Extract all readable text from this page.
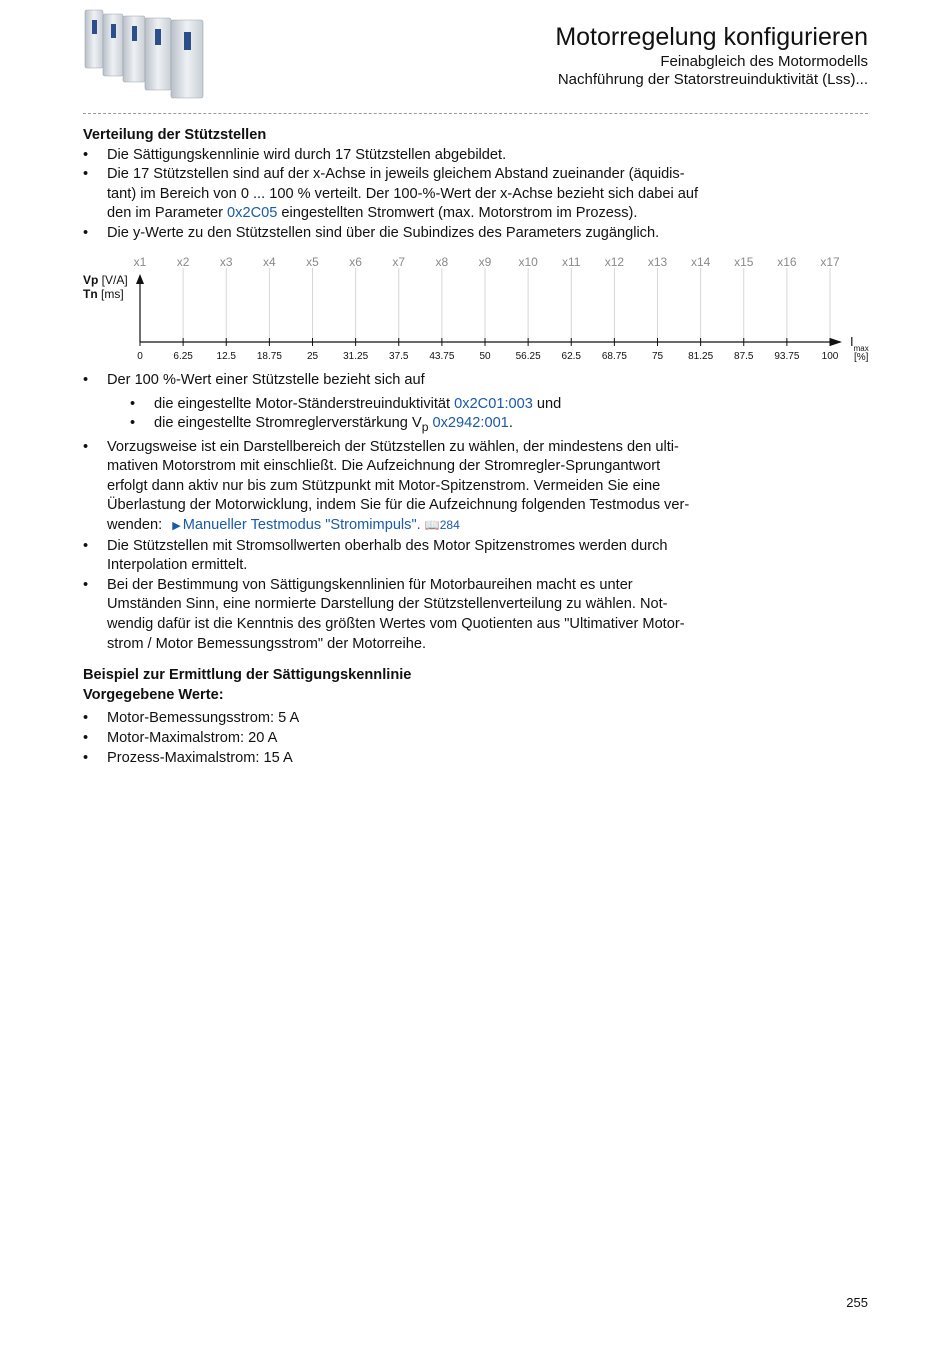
Motorregelung konfigurieren
Feinabgleich des Motormodells
Nachführung der Statorstreuinduktivität (Lss)...

Verteilung der Stützstellen

• Die Sättigungskennlinie wird durch 17 Stützstellen abgebildet.
• Die 17 Stützstellen sind auf der x-Achse in jeweils gleichem Abstand zueinander (äquidis-
tant) im Bereich von 0 ... 100 % verteilt. Der 100-%-Wert der x-Achse bezieht sich dabei auf
den im Parameter 0x2C05 eingestellten Stromwert (max. Motorstrom im Prozess).
• Die y-Werte zu den Stützstellen sind über die Subindizes des Parameters zugänglich.
Vp [V/A]
Tn [ms]
$I_{max}$
[%]
0
x1
6.25
x2
12.5
x3
18.75
x4
25
x5
31.25
x6
37.5
x7
43.75
x8
50
x9
56.25
x10
62.5
x11
68.75
x12
75
x13
81.25
x14
87.5
x15
93.75
x16
100
x17
• Der 100 %-Wert einer Stützstelle bezieht sich auf
• die eingestellte Motor-Ständerstreuinduktivität 0x2C01:003 und
• die eingestellte Stromreglerverstärkung $V_p$ 0x2942:001.
• Vorzugsweise ist ein Darstellbereich der Stützstellen zu wählen, der mindestens den ulti-
mativen Motorstrom mit einschließt. Die Aufzeichnung der Stromregler-Sprungantwort
erfolgt dann aktiv nur bis zum Stützpunkt mit Motor-Spitzenstrom. Vermeiden Sie eine
Überlastung der Motorwicklung, indem Sie für die Aufzeichnung folgenden Testmodus ver-
wenden: ▶ Manueller Testmodus "Stromimpuls". 📖284
• Die Stützstellen mit Stromsollwerten oberhalb des Motor Spitzenstromes werden durch
Interpolation ermittelt.
• Bei der Bestimmung von Sättigungskennlinien für Motorbaureihen macht es unter
Umständen Sinn, eine normierte Darstellung der Stützstellenverteilung zu wählen. Not-
wendig dafür ist die Kenntnis des größten Wertes vom Quotienten aus "Ultimativer Motor-
strom / Motor Bemessungsstrom" der Motorreihe.

Beispiel zur Ermittlung der Sättigungskennlinie

Vorgegebene Werte:

• Motor-Bemessungsstrom: 5 A
• Motor-Maximalstrom: 20 A
• Prozess-Maximalstrom: 15 A
255
